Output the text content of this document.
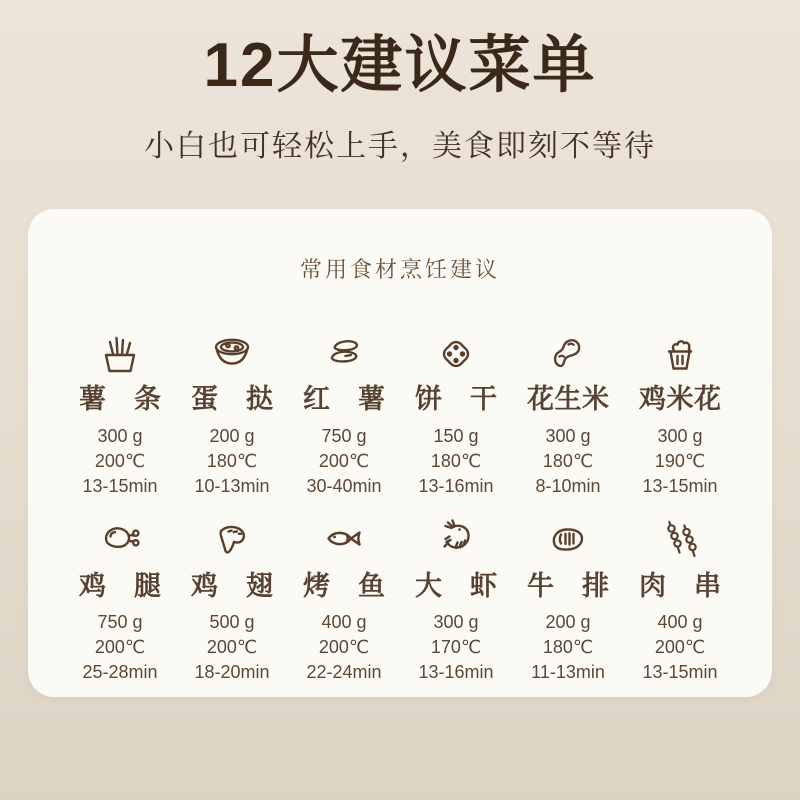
12大建议菜单
小白也可轻松上手，美食即刻不等待
常用食材烹饪建议
薯 条
300 g
200℃
13-15min
蛋 挞
200 g
180℃
10-13min
红 薯
750 g
200℃
30-40min
饼 干
150 g
180℃
13-16min
花 生 米
300 g
180℃
8-10min
鸡 米 花
300 g
190℃
13-15min
鸡 腿
750 g
200℃
25-28min
鸡 翅
500 g
200℃
18-20min
烤 鱼
400 g
200℃
22-24min
大 虾
300 g
170℃
13-16min
牛 排
200 g
180℃
11-13min
肉 串
400 g
200℃
13-15min
